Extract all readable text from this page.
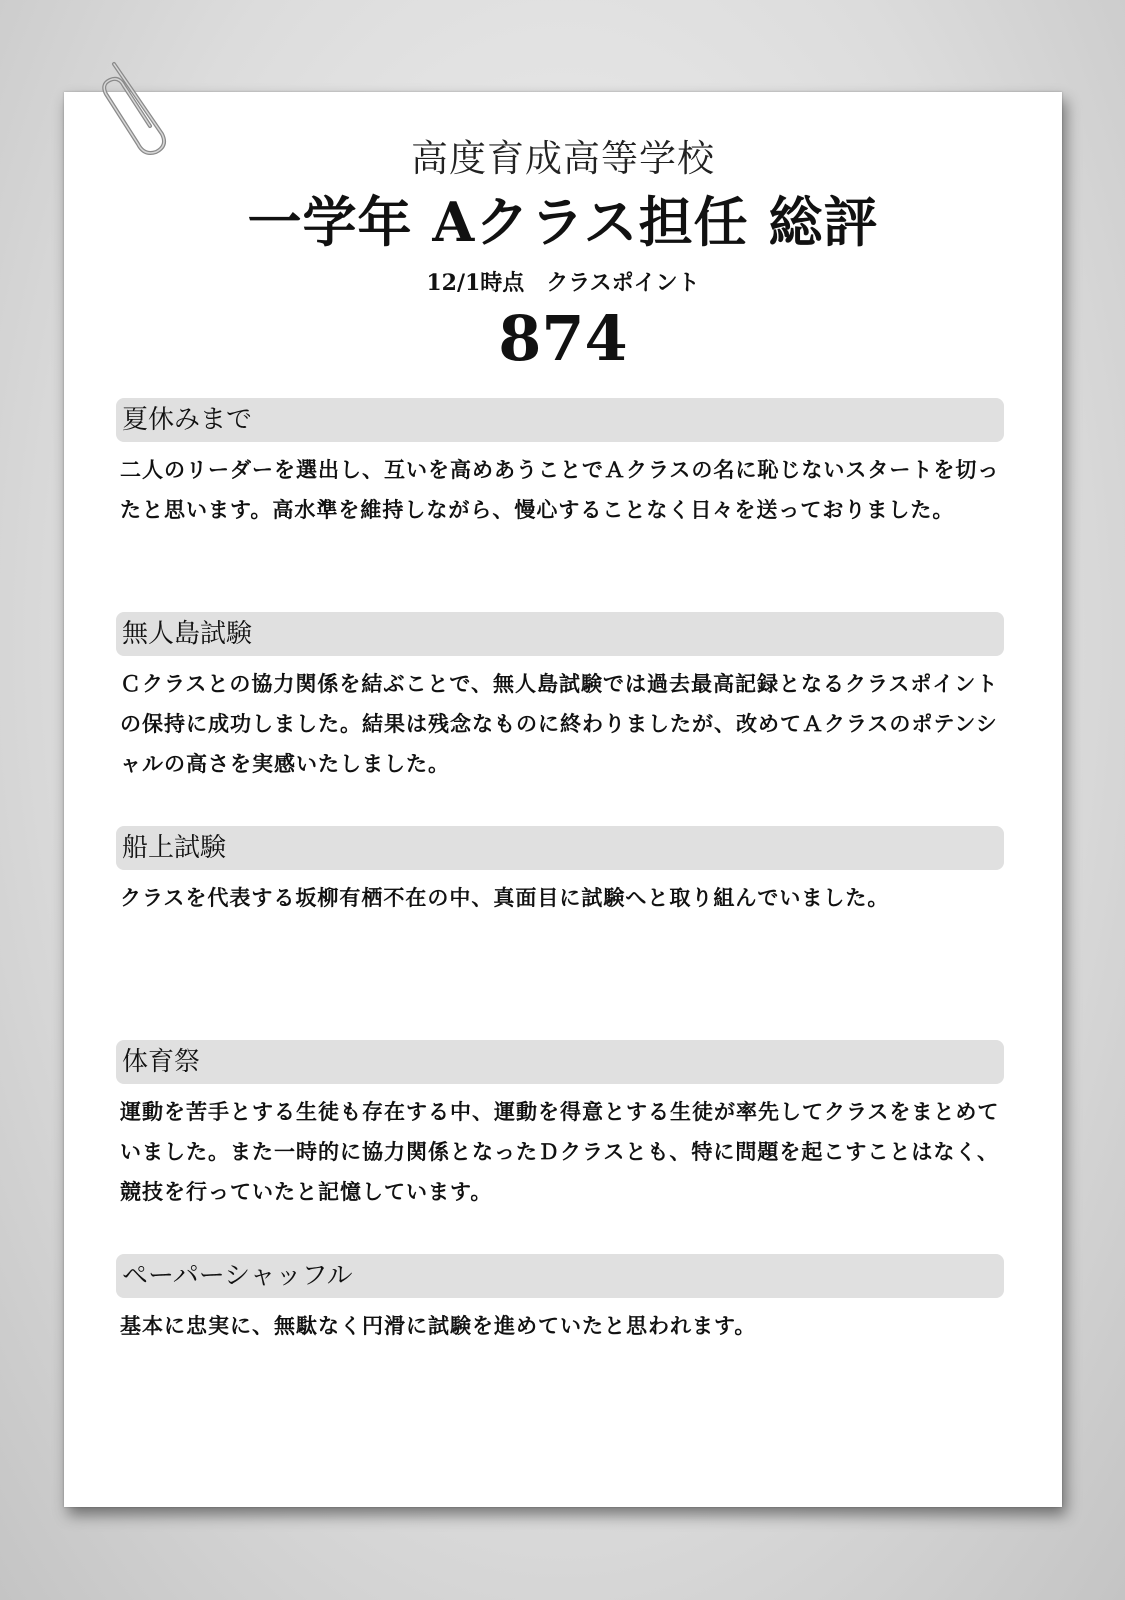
高度育成高等学校
一学年 Aクラス担任 総評
12/1時点　クラスポイント
874
夏休みまで
二人のリーダーを選出し、互いを高めあうことでＡクラスの名に恥じないスタートを切ったと思います。高水準を維持しながら、慢心することなく日々を送っておりました。
無人島試験
Ｃクラスとの協力関係を結ぶことで、無人島試験では過去最高記録となるクラスポイントの保持に成功しました。結果は残念なものに終わりましたが、改めてＡクラスのポテンシャルの高さを実感いたしました。
船上試験
クラスを代表する坂柳有栖不在の中、真面目に試験へと取り組んでいました。
体育祭
運動を苦手とする生徒も存在する中、運動を得意とする生徒が率先してクラスをまとめていました。また一時的に協力関係となったＤクラスとも、特に問題を起こすことはなく、競技を行っていたと記憶しています。
ペーパーシャッフル
基本に忠実に、無駄なく円滑に試験を進めていたと思われます。
